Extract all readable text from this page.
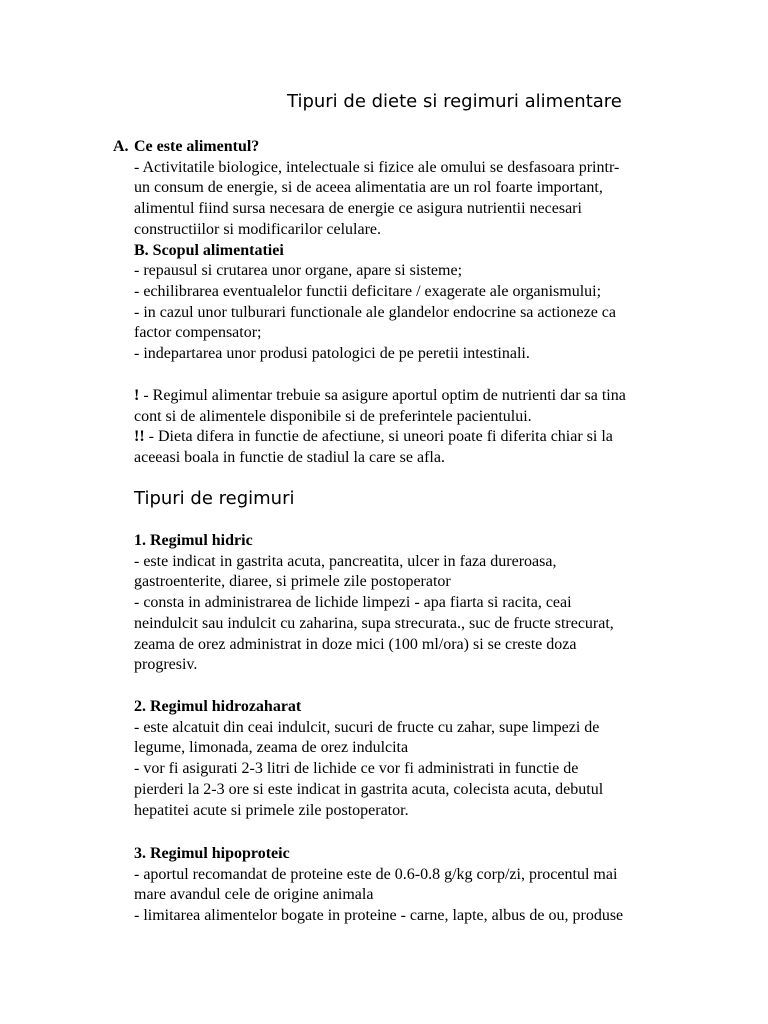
Tipuri de diete si regimuri alimentare
A. Ce este alimentul?
- Activitatile biologice, intelectuale si fizice ale omului se desfasoara printr-
un consum de energie, si de aceea alimentatia are un rol foarte important,
alimentul fiind sursa necesara de energie ce asigura nutrientii necesari
constructiilor si modificarilor celulare.
B. Scopul alimentatiei
- repausul si crutarea unor organe, apare si sisteme;
- echilibrarea eventualelor functii deficitare / exagerate ale organismului;
- in cazul unor tulburari functionale ale glandelor endocrine sa actioneze ca
factor compensator;
- indepartarea unor produsi patologici de pe peretii intestinali.
! - Regimul alimentar trebuie sa asigure aportul optim de nutrienti dar sa tina
cont si de alimentele disponibile si de preferintele pacientului.
!! - Dieta difera in functie de afectiune, si uneori poate fi diferita chiar si la
aceeasi boala in functie de stadiul la care se afla.
Tipuri de regimuri
1. Regimul hidric
- este indicat in gastrita acuta, pancreatita, ulcer in faza dureroasa,
gastroenterite, diaree, si primele zile postoperator
- consta in administrarea de lichide limpezi - apa fiarta si racita, ceai
neindulcit sau indulcit cu zaharina, supa strecurata., suc de fructe strecurat,
zeama de orez administrat in doze mici (100 ml/ora) si se creste doza
progresiv.
2. Regimul hidrozaharat
- este alcatuit din ceai indulcit, sucuri de fructe cu zahar, supe limpezi de
legume, limonada, zeama de orez indulcita
- vor fi asigurati 2-3 litri de lichide ce vor fi administrati in functie de
pierderi la 2-3 ore si este indicat in gastrita acuta, colecista acuta, debutul
hepatitei acute si primele zile postoperator.
3. Regimul hipoproteic
- aportul recomandat de proteine este de 0.6-0.8 g/kg corp/zi, procentul mai
mare avandul cele de origine animala
- limitarea alimentelor bogate in proteine - carne, lapte, albus de ou, produse
